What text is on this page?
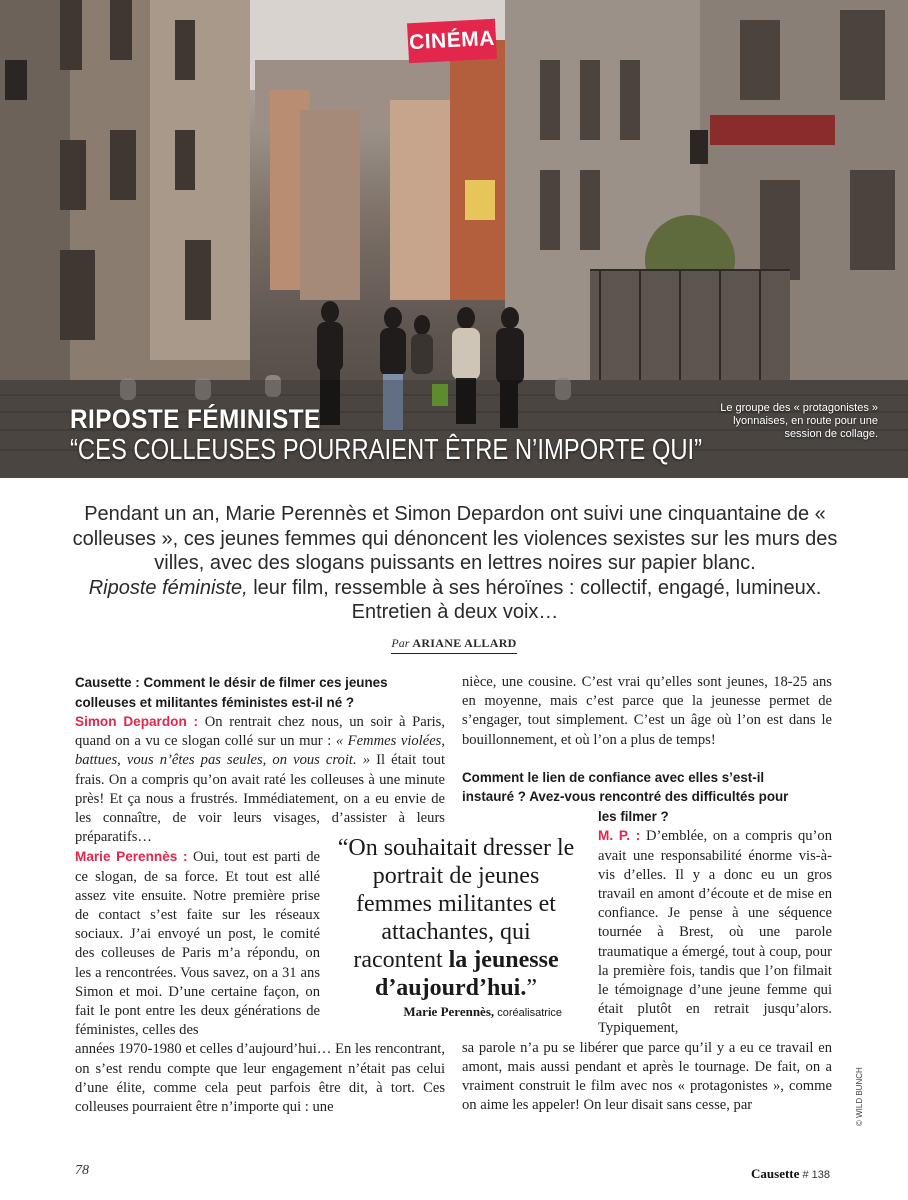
CINÉMA
RIPOSTE FÉMINISTE
“CES COLLEUSES POURRAIENT ÊTRE N’IMPORTE QUI”
Le groupe des « protagonistes » lyonnaises, en route pour une session de collage.

Pendant un an, Marie Perennès et Simon Depardon ont suivi une cinquantaine de « colleuses », ces jeunes femmes qui dénoncent les violences sexistes sur les murs des villes, avec des slogans puissants en lettres noires sur papier blanc.

Riposte féministe, leur film, ressemble à ses héroïnes : collectif, engagé, lumineux. Entretien à deux voix…

Par ARIANE ALLARD

Causette : Comment le désir de filmer ces jeunes colleuses et militantes féministes est-il né ?

Simon Depardon : On rentrait chez nous, un soir à Paris, quand on a vu ce slogan collé sur un mur : « Femmes violées, battues, vous n’êtes pas seules, on vous croit. » Il était tout frais. On a compris qu’on avait raté les colleuses à une minute près! Et ça nous a frustrés. Immédiatement, on a eu envie de les connaître, de voir leurs visages, d’assister à leurs préparatifs…

Marie Perennès : Oui, tout est parti de ce slogan, de sa force. Et tout est allé assez vite ensuite. Notre première prise de contact s’est faite sur les réseaux sociaux. J’ai envoyé un post, le comité des colleuses de Paris m’a répondu, on les a rencontrées. Vous savez, on a 31 ans Simon et moi. D’une certaine façon, on fait le pont entre les deux générations de féministes, celles des

années 1970-1980 et celles d’aujourd’hui… En les rencontrant, on s’est rendu compte que leur engagement n’était pas celui d’une élite, comme cela peut parfois être dit, à tort. Ces colleuses pourraient être n’importe qui : une

nièce, une cousine. C’est vrai qu’elles sont jeunes, 18-25 ans en moyenne, mais c’est parce que la jeunesse permet de s’engager, tout simplement. C’est un âge où l’on est dans le bouillonnement, et où l’on a plus de temps!

Comment le lien de confiance avec elles s’est-il instauré ? Avez-vous rencontré des difficultés pour

les filmer ?

M. P. : D’emblée, on a compris qu’on avait une responsabilité énorme vis-à-vis d’elles. Il y a donc eu un gros travail en amont d’écoute et de mise en confiance. Je pense à une séquence tournée à Brest, où une parole traumatique a émergé, tout à coup, pour la première fois, tandis que l’on filmait le témoignage d’une jeune femme qui était plutôt en retrait jusqu’alors. Typiquement,

sa parole n’a pu se libérer que parce qu’il y a eu ce travail en amont, mais aussi pendant et après le tournage. De fait, on a vraiment construit le film avec nos « protagonistes », comme on aime les appeler! On leur disait sans cesse, par

“On souhaitait dresser le portrait de jeunes femmes militantes et attachantes, qui racontent la jeunesse d’aujourd’hui.”
Marie Perennès, coréalisatrice
© WILD BUNCH
78	Causette # 138
